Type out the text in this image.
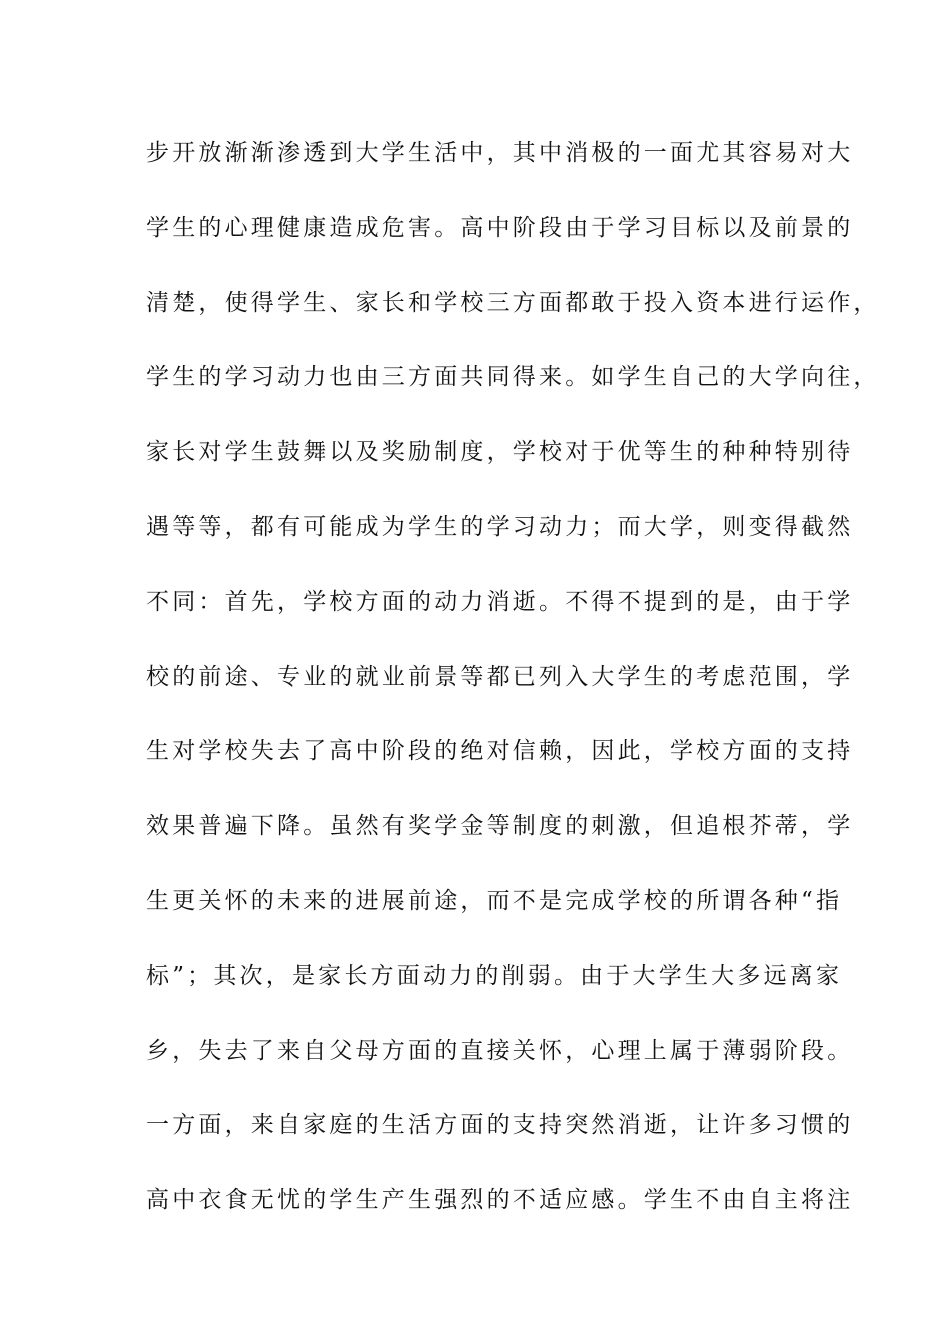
步开放渐渐渗透到大学生活中，其中消极的一面尤其容易对大
学生的心理健康造成危害。高中阶段由于学习目标以及前景的
清楚，使得学生、家长和学校三方面都敢于投入资本进行运作，
学生的学习动力也由三方面共同得来。如学生自己的大学向往，
家长对学生鼓舞以及奖励制度，学校对于优等生的种种特别待
遇等等，都有可能成为学生的学习动力；而大学，则变得截然
不同：首先，学校方面的动力消逝。不得不提到的是，由于学
校的前途、专业的就业前景等都已列入大学生的考虑范围，学
生对学校失去了高中阶段的绝对信赖，因此，学校方面的支持
效果普遍下降。虽然有奖学金等制度的刺激，但追根芥蒂，学
生更关怀的未来的进展前途，而不是完成学校的所谓各种“指
标”；其次，是家长方面动力的削弱。由于大学生大多远离家
乡，失去了来自父母方面的直接关怀，心理上属于薄弱阶段。
一方面，来自家庭的生活方面的支持突然消逝，让许多习惯的
高中衣食无忧的学生产生强烈的不适应感。学生不由自主将注
